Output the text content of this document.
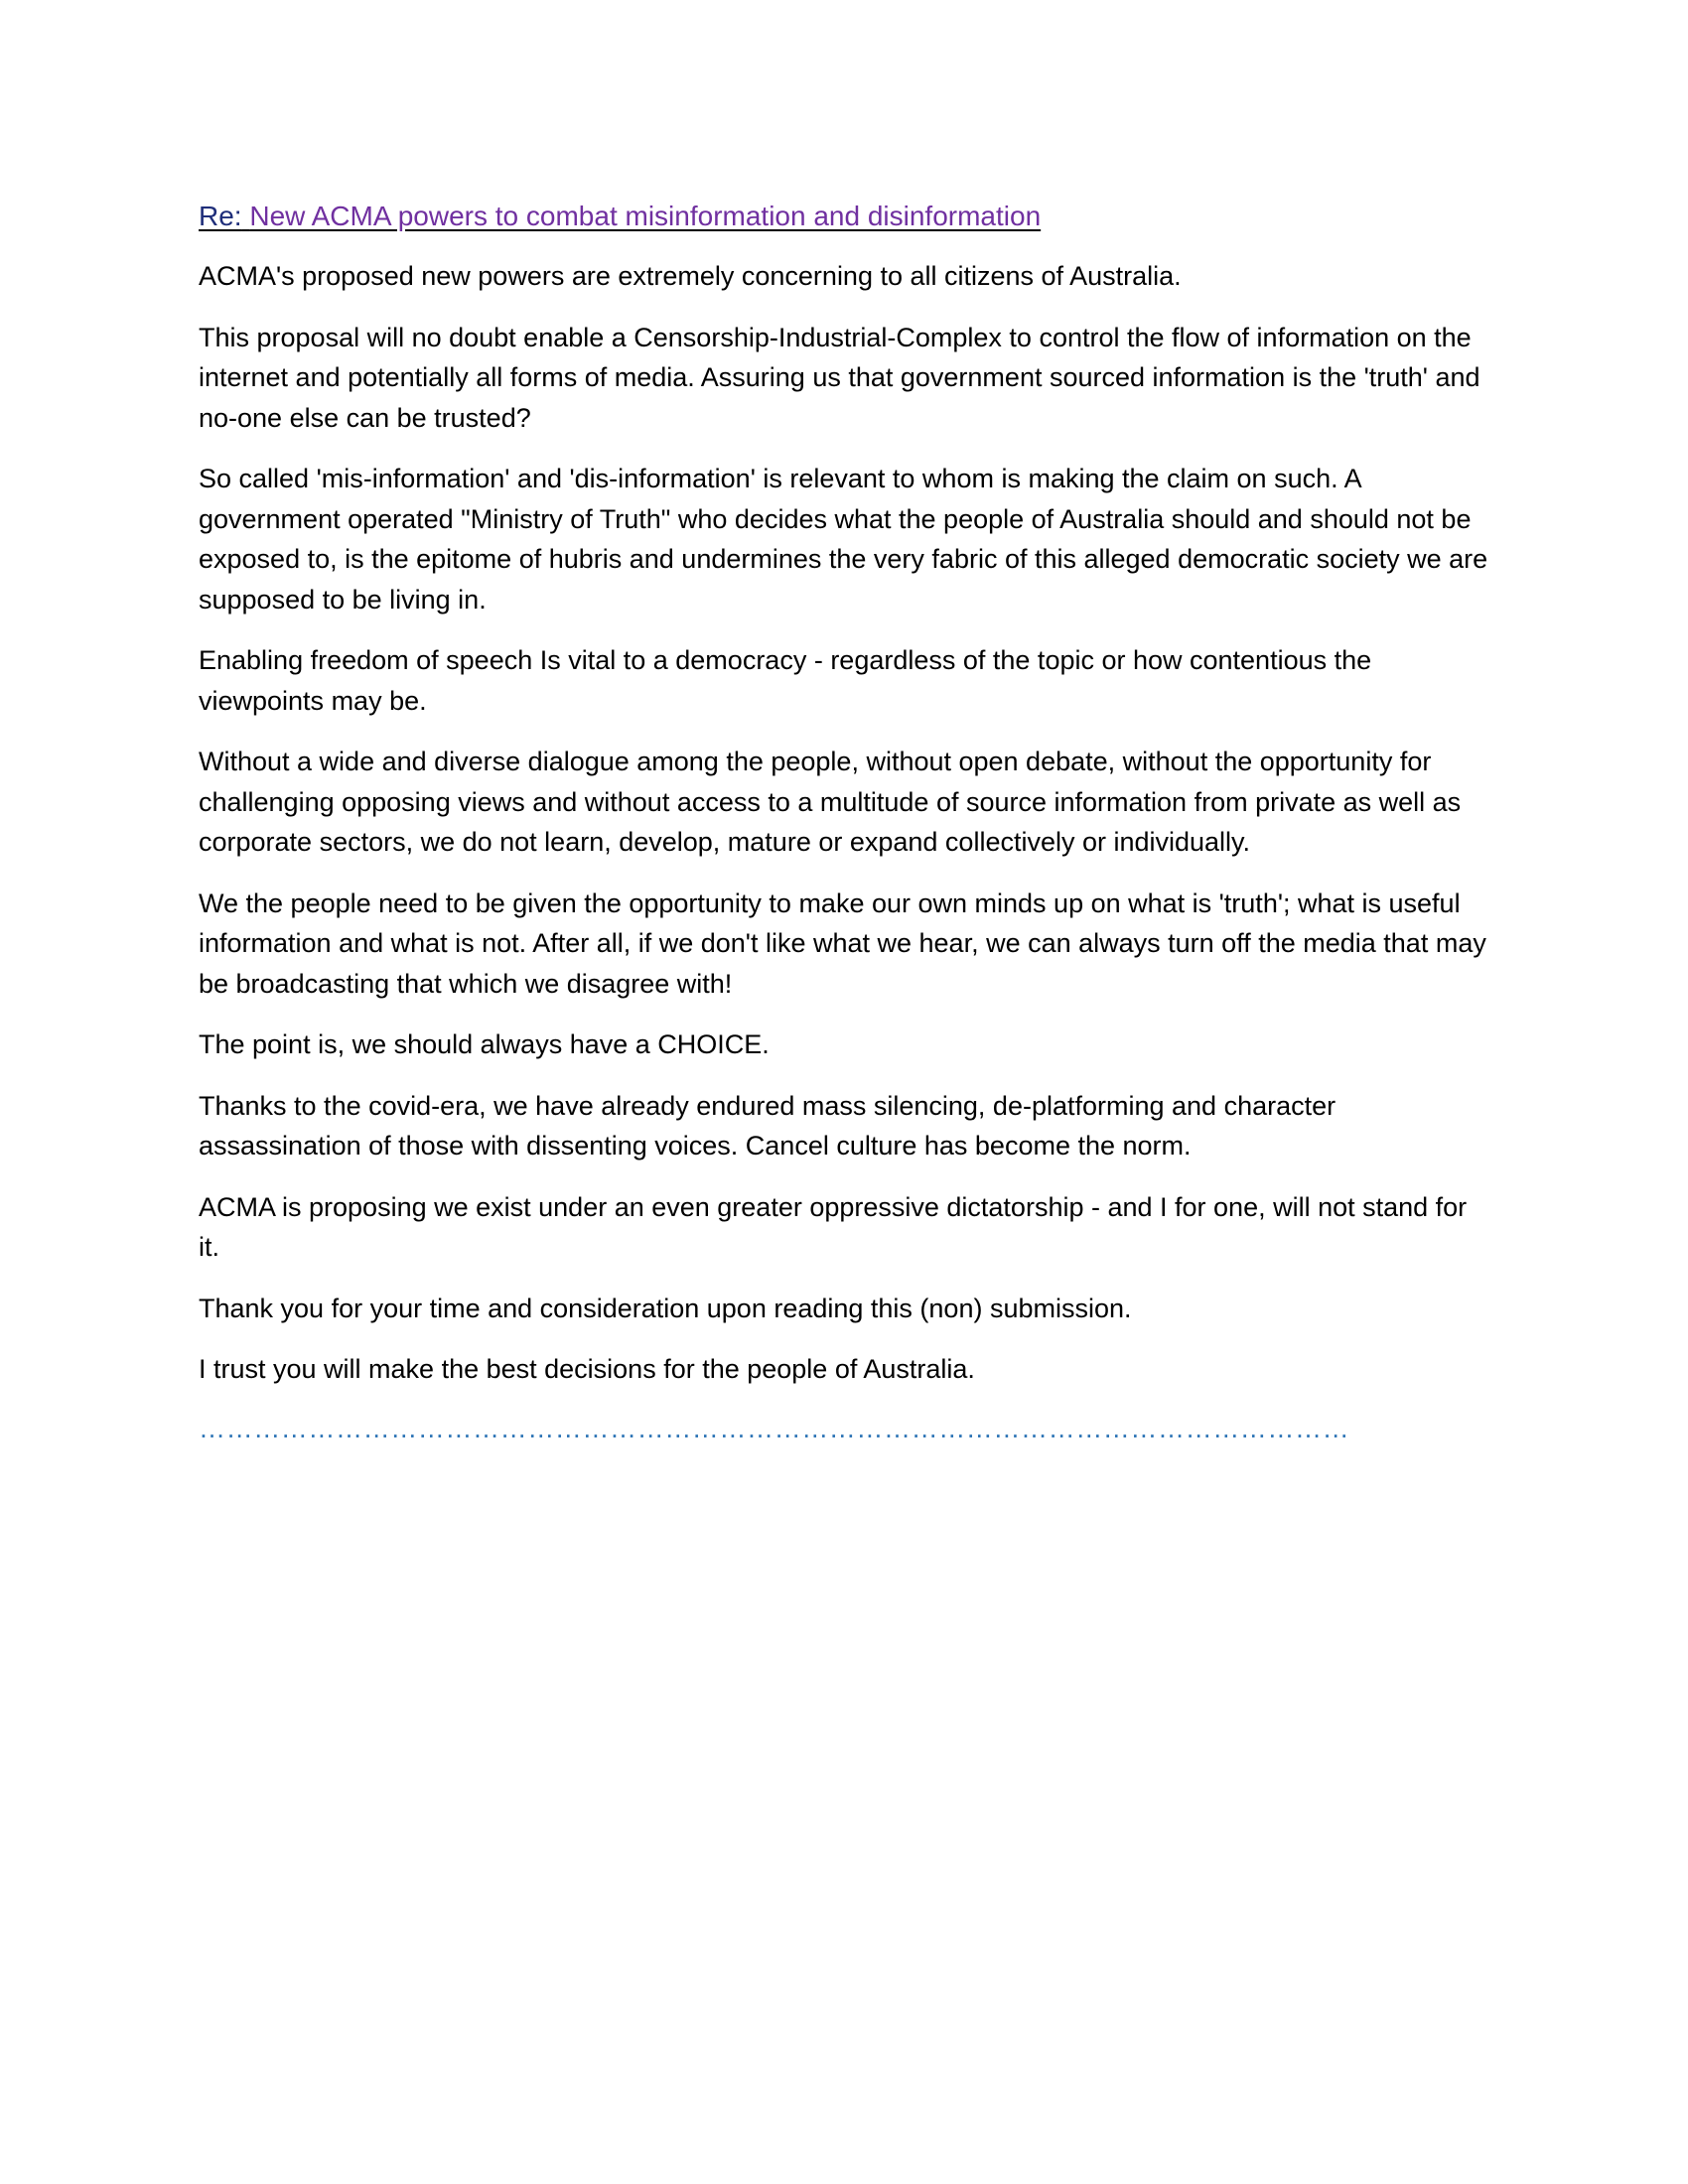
Re: New ACMA powers to combat misinformation and disinformation

ACMA's proposed new powers are extremely concerning to all citizens of Australia.

This proposal will no doubt enable a Censorship-Industrial-Complex to control the flow of information on the internet and potentially all forms of media. Assuring us that government sourced information is the 'truth' and no-one else can be trusted?

So called 'mis-information' and 'dis-information' is relevant to whom is making the claim on such. A government operated "Ministry of Truth" who decides what the people of Australia should and should not be exposed to, is the epitome of hubris and undermines the very fabric of this alleged democratic society we are supposed to be living in.

Enabling freedom of speech Is vital to a democracy - regardless of the topic or how contentious the viewpoints may be.

Without a wide and diverse dialogue among the people, without open debate, without the opportunity for challenging opposing views and without access to a multitude of source information from private as well as corporate sectors, we do not learn, develop, mature or expand collectively or individually.

We the people need to be given the opportunity to make our own minds up on what is 'truth'; what is useful information and what is not. After all, if we don't like what we hear, we can always turn off the media that may be broadcasting that which we disagree with!

The point is, we should always have a CHOICE.

Thanks to the covid-era, we have already endured mass silencing, de-platforming and character assassination of those with dissenting voices. Cancel culture has become the norm.

ACMA is proposing we exist under an even greater oppressive dictatorship - and I for one, will not stand for it.

Thank you for your time and consideration upon reading this (non) submission.

I trust you will make the best decisions for the people of Australia.

………………………………………………………………………………………………………………
